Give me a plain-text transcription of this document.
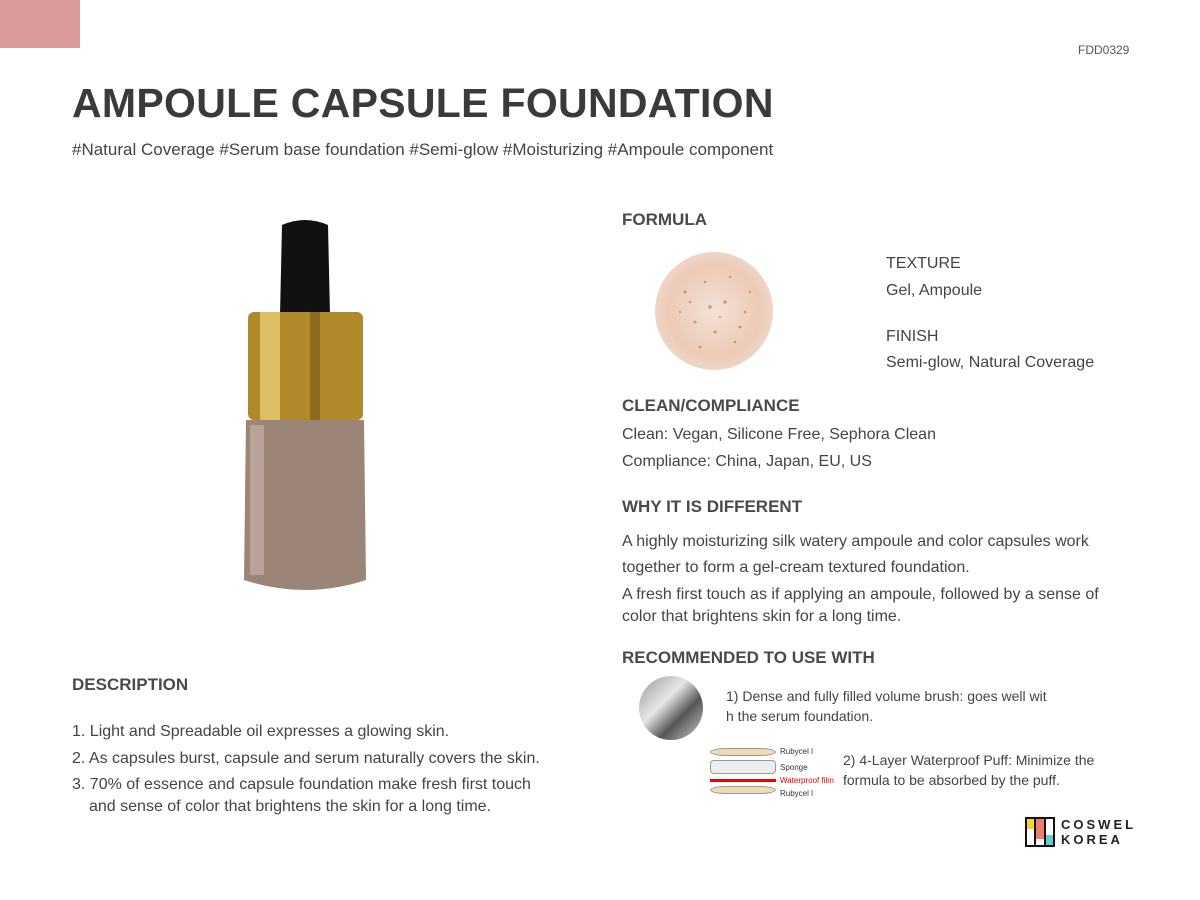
FDD0329
AMPOULE CAPSULE FOUNDATION
#Natural Coverage #Serum base foundation #Semi-glow #Moisturizing #Ampoule component
FORMULA
TEXTURE
Gel, Ampoule
FINISH
Semi-glow, Natural Coverage
CLEAN/COMPLIANCE
Clean: Vegan, Silicone Free, Sephora Clean
Compliance: China, Japan, EU, US
WHY IT IS DIFFERENT
A highly moisturizing silk watery ampoule and color capsules work
together to form a gel-cream textured foundation.
A fresh first touch as if applying an ampoule, followed by a sense of
color that brightens skin for a long time.
RECOMMENDED TO USE WITH
1) Dense and fully filled volume brush: goes well wit
h the serum foundation.
Rubycel l
Sponge
Waterproof film
Rubycel l
2) 4-Layer Waterproof Puff: Minimize the
formula to be absorbed by the puff.
DESCRIPTION
1. Light and Spreadable oil expresses a glowing skin.
2. As capsules burst, capsule and serum naturally covers the skin.
3. 70% of essence and capsule foundation make fresh first touch
and sense of color that brightens the skin for a long time.
COSWEL
KOREA
